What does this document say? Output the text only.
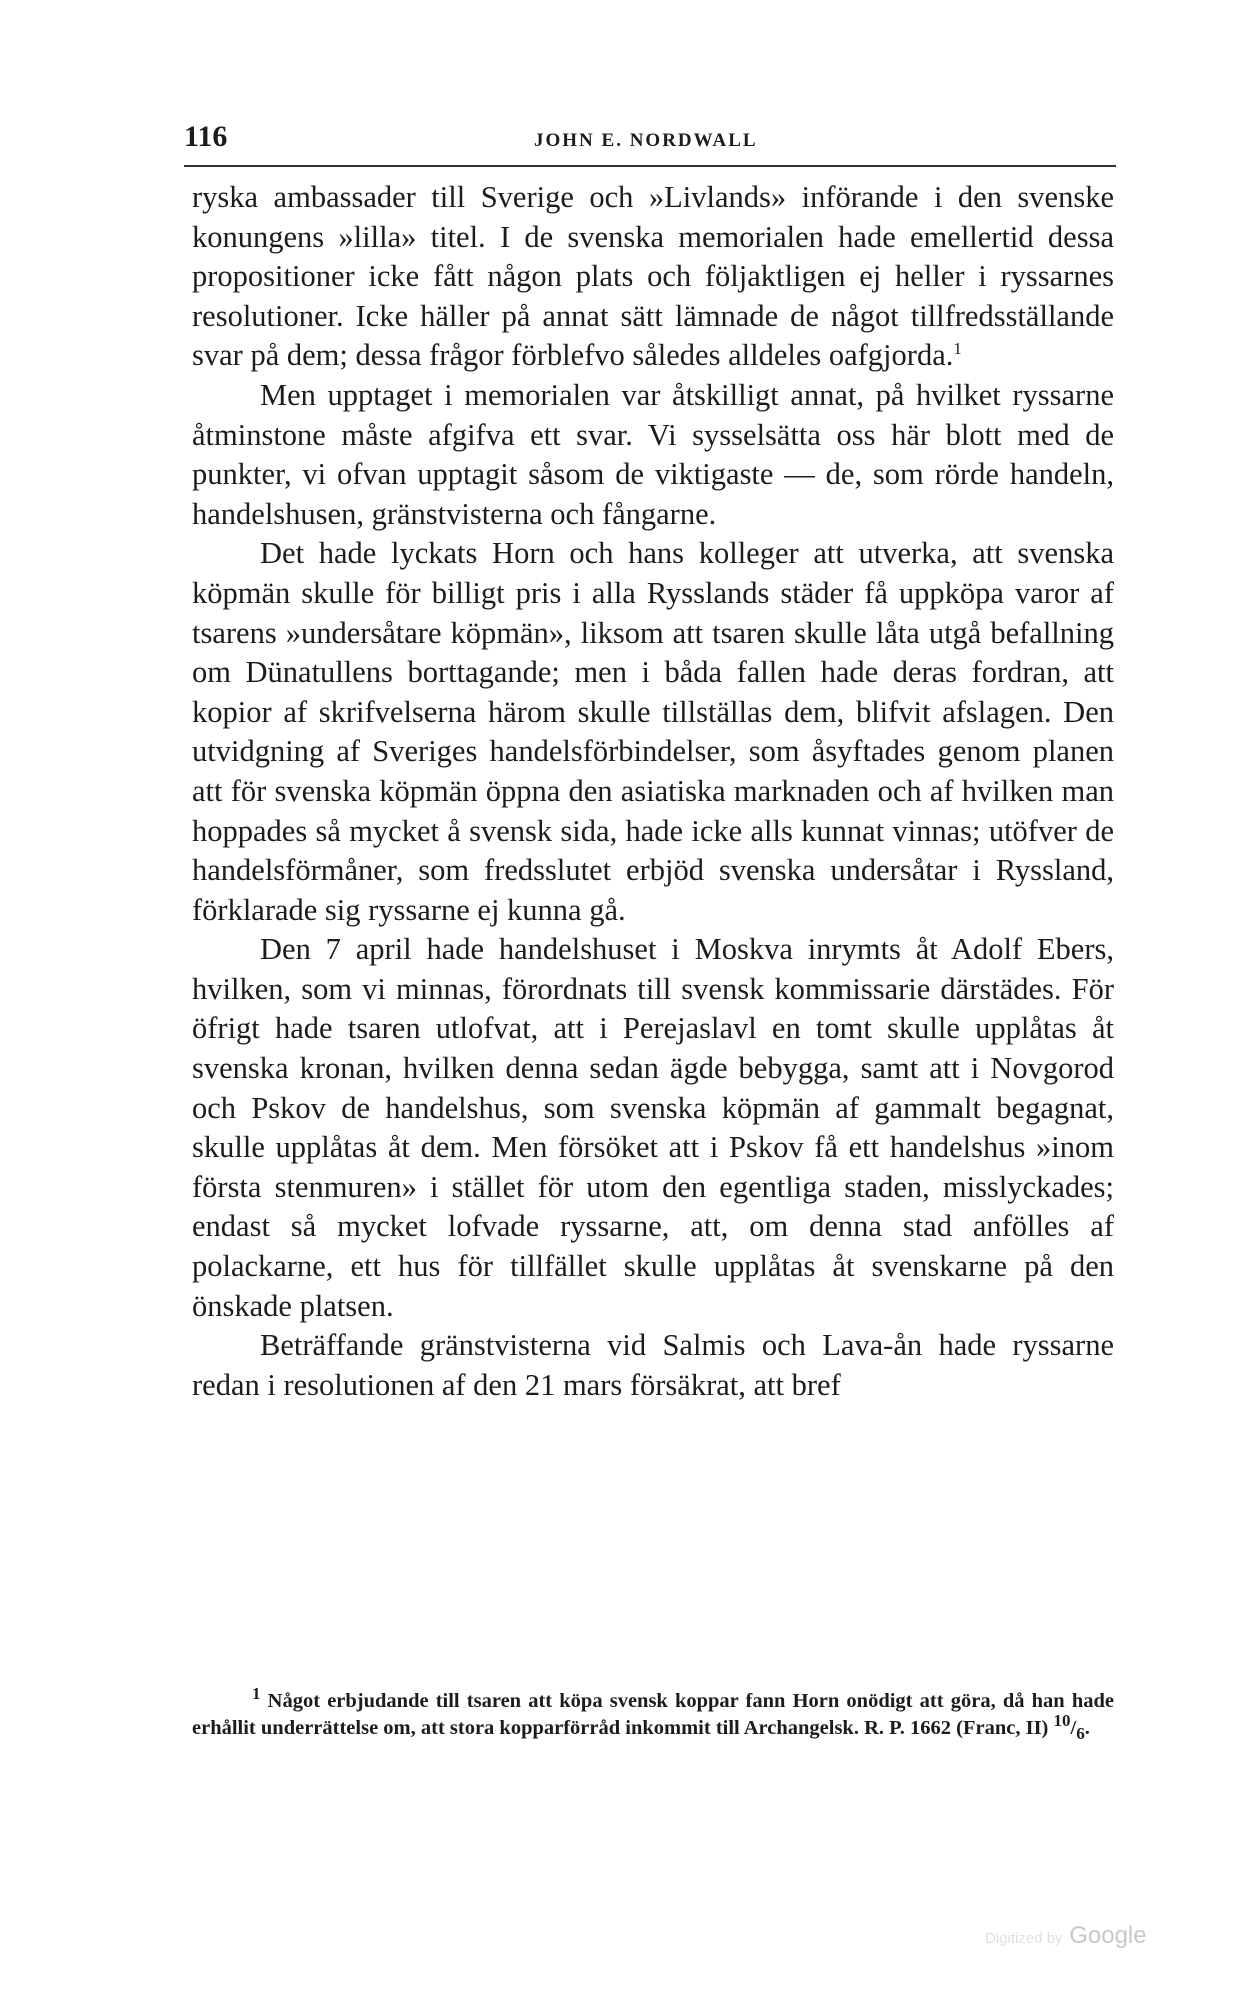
116	JOHN E. NORDWALL

ryska ambassader till Sverige och »Livlands» införande i den svenske konungens »lilla» titel. I de svenska memorialen hade emellertid dessa propositioner icke fått någon plats och följaktligen ej heller i ryssarnes resolutioner. Icke häller på annat sätt lämnade de något tillfredsställande svar på dem; dessa frågor förblefvo således alldeles oafgjorda.$^1$

Men upptaget i memorialen var åtskilligt annat, på hvilket ryssarne åtminstone måste afgifva ett svar. Vi sysselsätta oss här blott med de punkter, vi ofvan upptagit såsom de viktigaste — de, som rörde handeln, handelshusen, gränstvisterna och fångarne.

Det hade lyckats Horn och hans kolleger att utverka, att svenska köpmän skulle för billigt pris i alla Rysslands städer få uppköpa varor af tsarens »undersåtare köpmän», liksom att tsaren skulle låta utgå befallning om Dünatullens borttagande; men i båda fallen hade deras fordran, att kopior af skrifvelserna härom skulle tillställas dem, blifvit afslagen. Den utvidgning af Sveriges handelsförbindelser, som åsyftades genom planen att för svenska köpmän öppna den asiatiska marknaden och af hvilken man hoppades så mycket å svensk sida, hade icke alls kunnat vinnas; utöfver de handelsförmåner, som fredsslutet erbjöd svenska undersåtar i Ryssland, förklarade sig ryssarne ej kunna gå.

Den 7 april hade handelshuset i Moskva inrymts åt Adolf Ebers, hvilken, som vi minnas, förordnats till svensk kommissarie därstädes. För öfrigt hade tsaren utlofvat, att i Perejaslavl en tomt skulle upplåtas åt svenska kronan, hvilken denna sedan ägde bebygga, samt att i Novgorod och Pskov de handelshus, som svenska köpmän af gammalt begagnat, skulle upplåtas åt dem. Men försöket att i Pskov få ett handelshus »inom första stenmuren» i stället för utom den egentliga staden, misslyckades; endast så mycket lofvade ryssarne, att, om denna stad anfölles af polackarne, ett hus för tillfället skulle upplåtas åt svenskarne på den önskade platsen.

Beträffande gränstvisterna vid Salmis och Lava-ån hade ryssarne redan i resolutionen af den 21 mars försäkrat, att bref

$^1$ Något erbjudande till tsaren att köpa svensk koppar fann Horn onödigt att göra, då han hade erhållit underrättelse om, att stora kopparförråd inkommit till Archangelsk. R. P. 1662 (Franc, II) $^{10}/_6$.

Digitized by Google
